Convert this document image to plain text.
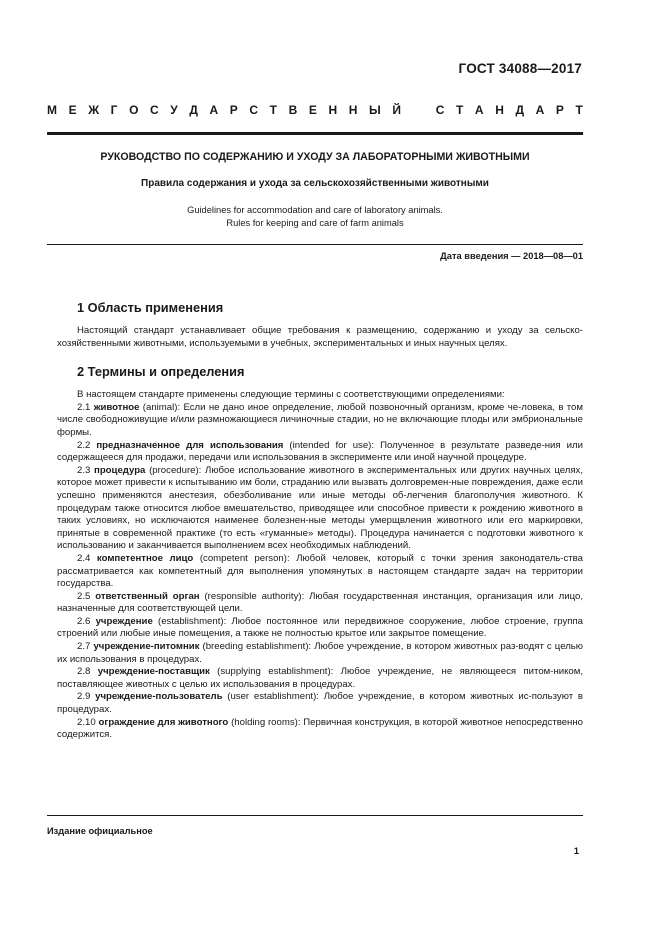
ГОСТ 34088—2017
М Е Ж Г О С У Д А Р С Т В Е Н Н Ы Й	С Т А Н Д А Р Т
РУКОВОДСТВО ПО СОДЕРЖАНИЮ И УХОДУ ЗА ЛАБОРАТОРНЫМИ ЖИВОТНЫМИ
Правила содержания и ухода за сельскохозяйственными животными
Guidelines for accommodation and care of laboratory animals.
Rules for keeping and care of farm animals
Дата введения — 2018—08—01
1 Область применения

Настоящий стандарт устанавливает общие требования к размещению, содержанию и уходу за сельско-хозяйственными животными, используемыми в учебных, экспериментальных и иных научных целях.

2 Термины и определения

В настоящем стандарте применены следующие термины с соответствующими определениями:

2.1 животное (animal): Если не дано иное определение, любой позвоночный организм, кроме че-ловека, в том числе свободноживущие и/или размножающиеся личиночные стадии, но не включающие плоды или эмбриональные формы.

2.2 предназначенное для использования (intended for use): Полученное в результате разведе-ния или содержащееся для продажи, передачи или использования в эксперименте или иной научной процедуре.

2.3 процедура (procedure): Любое использование животного в экспериментальных или других научных целях, которое может привести к испытыванию им боли, страданию или вызвать долговремен-ные повреждения, даже если успешно применяются анестезия, обезболивание или иные методы об-легчения благополучия животного. К процедурам также относится любое вмешательство, приводящее или способное привести к рождению животного в таких условиях, но исключаются наименее болезнен-ные методы умерщвления животного или его маркировки, принятые в современной практике (то есть «гуманные» методы). Процедура начинается с подготовки животного к использованию и заканчивается выполнением всех необходимых наблюдений.

2.4 компетентное лицо (competent person): Любой человек, который с точки зрения законодатель-ства рассматривается как компетентный для выполнения упомянутых в настоящем стандарте задач на территории государства.

2.5 ответственный орган (responsible authority): Любая государственная инстанция, организация или лицо, назначенные для соответствующей цели.

2.6 учреждение (establishment): Любое постоянное или передвижное сооружение, любое строение, группа строений или любые иные помещения, а также не полностью крытое или закрытое помещение.

2.7 учреждение-питомник (breeding establishment): Любое учреждение, в котором животных раз-водят с целью их использования в процедурах.

2.8 учреждение-поставщик (supplying establishment): Любое учреждение, не являющееся питом-ником, поставляющее животных с целью их использования в процедурах.

2.9 учреждение-пользователь (user establishment): Любое учреждение, в котором животных ис-пользуют в процедурах.

2.10 ограждение для животного (holding rooms): Первичная конструкция, в которой животное непосредственно содержится.

Издание официальное
1
